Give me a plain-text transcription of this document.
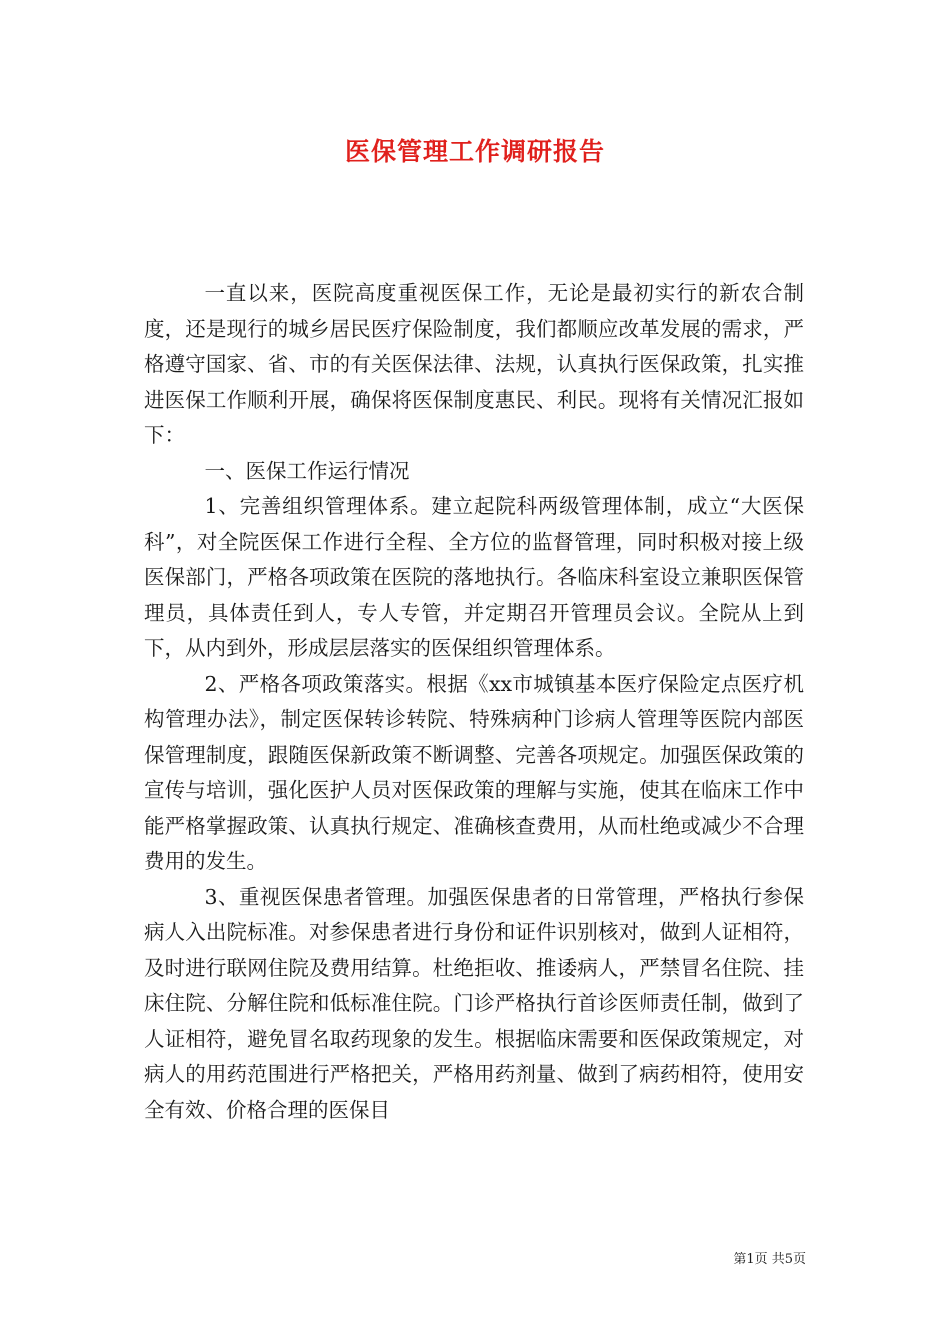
医保管理工作调研报告

一直以来，医院高度重视医保工作，无论是最初实行的新农合制度，还是现行的城乡居民医疗保险制度，我们都顺应改革发展的需求，严格遵守国家、省、市的有关医保法律、法规，认真执行医保政策，扎实推进医保工作顺利开展，确保将医保制度惠民、利民。现将有关情况汇报如下：

一、医保工作运行情况

1、完善组织管理体系。建立起院科两级管理体制，成立“大医保科”，对全院医保工作进行全程、全方位的监督管理，同时积极对接上级医保部门，严格各项政策在医院的落地执行。各临床科室设立兼职医保管理员，具体责任到人，专人专管，并定期召开管理员会议。全院从上到下，从内到外，形成层层落实的医保组织管理体系。

2、严格各项政策落实。根据《xx市城镇基本医疗保险定点医疗机构管理办法》，制定医保转诊转院、特殊病种门诊病人管理等医院内部医保管理制度，跟随医保新政策不断调整、完善各项规定。加强医保政策的宣传与培训，强化医护人员对医保政策的理解与实施，使其在临床工作中能严格掌握政策、认真执行规定、准确核查费用，从而杜绝或减少不合理费用的发生。

3、重视医保患者管理。加强医保患者的日常管理，严格执行参保病人入出院标准。对参保患者进行身份和证件识别核对，做到人证相符，及时进行联网住院及费用结算。杜绝拒收、推诿病人，严禁冒名住院、挂床住院、分解住院和低标准住院。门诊严格执行首诊医师责任制，做到了人证相符，避免冒名取药现象的发生。根据临床需要和医保政策规定，对病人的用药范围进行严格把关，严格用药剂量、做到了病药相符，使用安全有效、价格合理的医保目

第1页 共5页
